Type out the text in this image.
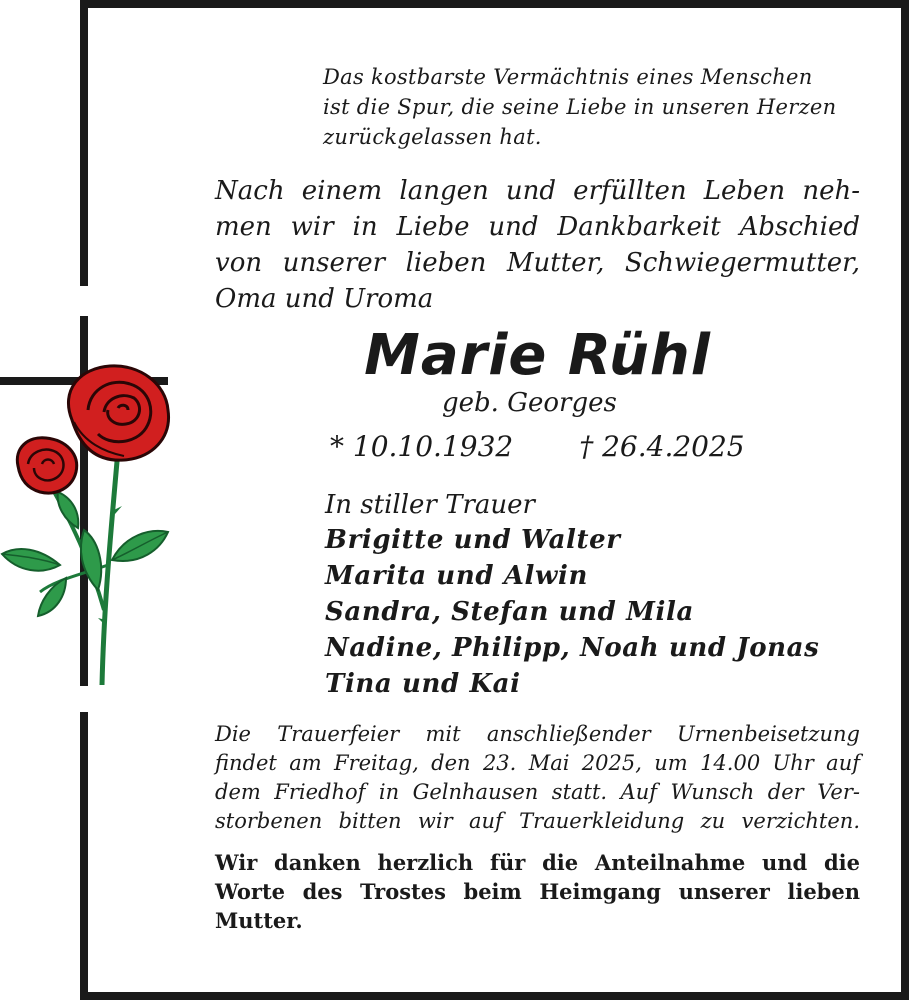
Das kostbarste Vermächtnis eines Menschen
ist die Spur, die seine Liebe in unseren Herzen
zurückgelassen hat.

Nach einem langen und erfüllten Leben neh-
men wir in Liebe und Dankbarkeit Abschied
von unserer lieben Mutter, Schwiegermutter,
Oma und Uroma

Marie Rühl
geb. Georges
* 10.10.1932 † 26.4.2025
In stiller Trauer
Brigitte und Walter
Marita und Alwin
Sandra, Stefan und Mila
Nadine, Philipp, Noah und Jonas
Tina und Kai

Die Trauerfeier mit anschließender Urnenbeisetzung
findet am Freitag, den 23. Mai 2025, um 14.00 Uhr auf
dem Friedhof in Gelnhausen statt. Auf Wunsch der Ver-
storbenen bitten wir auf Trauerkleidung zu verzichten.

Wir danken herzlich für die Anteilnahme und die
Worte des Trostes beim Heimgang unserer lieben
Mutter.
